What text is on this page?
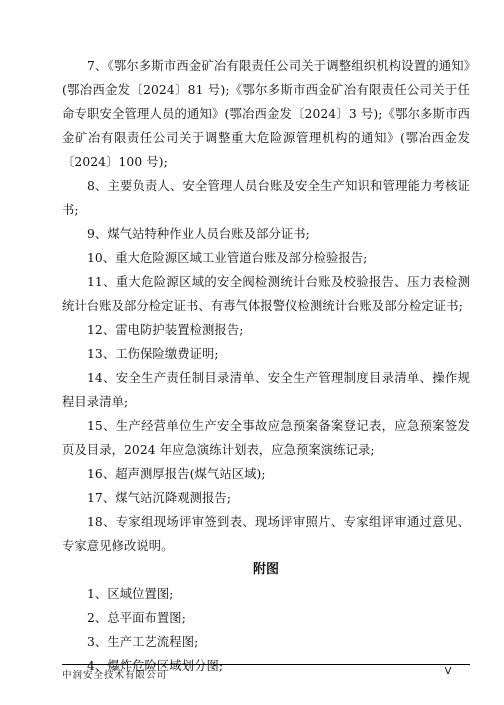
7、《鄂尔多斯市西金矿冶有限责任公司关于调整组织机构设置的通知》(鄂冶西金发〔2024〕81 号);《鄂尔多斯市西金矿冶有限责任公司关于任命专职安全管理人员的通知》(鄂冶西金发〔2024〕3 号);《鄂尔多斯市西金矿冶有限责任公司关于调整重大危险源管理机构的通知》(鄂冶西金发〔2024〕100 号);

8、主要负责人、安全管理人员台账及安全生产知识和管理能力考核证书;

9、煤气站特种作业人员台账及部分证书;

10、重大危险源区域工业管道台账及部分检验报告;

11、重大危险源区域的安全阀检测统计台账及校验报告、压力表检测统计台账及部分检定证书、有毒气体报警仪检测统计台账及部分检定证书;

12、雷电防护装置检测报告;

13、工伤保险缴费证明;

14、安全生产责任制目录清单、安全生产管理制度目录清单、操作规程目录清单;

15、生产经营单位生产安全事故应急预案备案登记表，应急预案签发页及目录，2024 年应急演练计划表，应急预案演练记录;

16、超声测厚报告(煤气站区域);

17、煤气站沉降观测报告;

18、专家组现场评审签到表、现场评审照片、专家组评审通过意见、专家意见修改说明。

附图

1、区域位置图;

2、总平面布置图;

3、生产工艺流程图;

4、爆炸危险区域划分图;

中润安全技术有限公司	V
